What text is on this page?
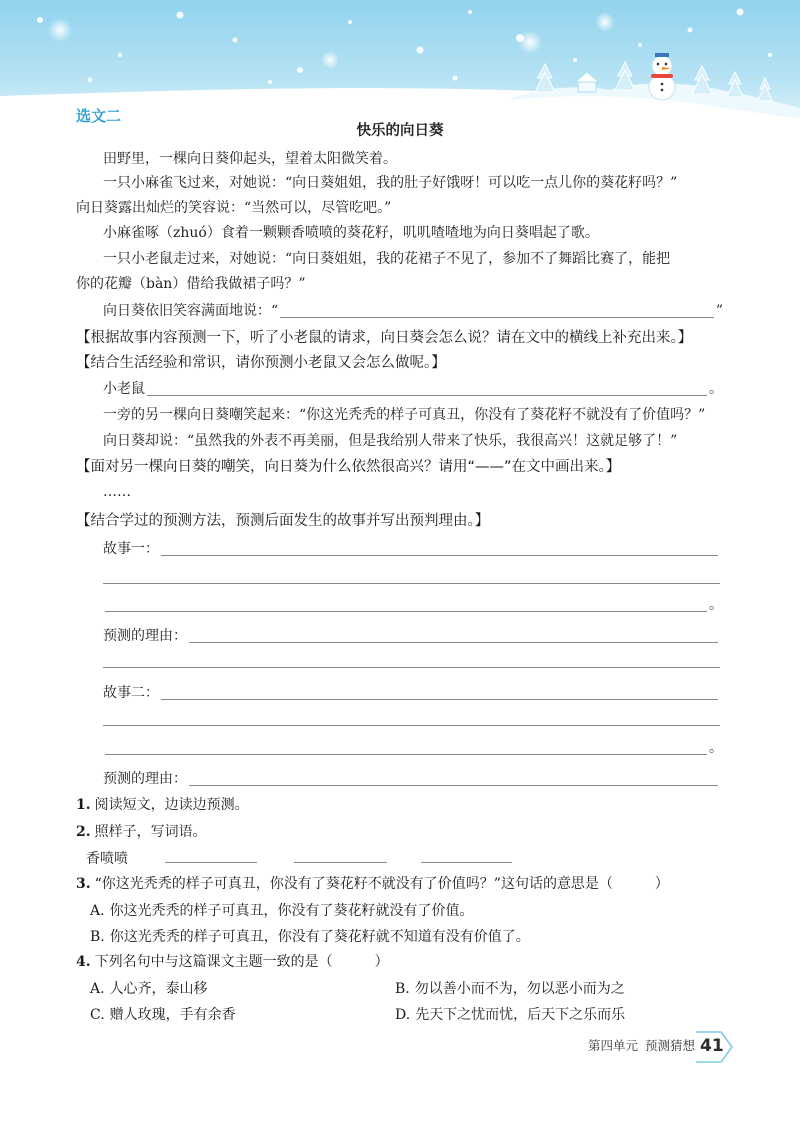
选文二
快乐的向日葵
田野里，一棵向日葵仰起头，望着太阳微笑着。
一只小麻雀飞过来，对她说：“向日葵姐姐，我的肚子好饿呀！可以吃一点儿你的葵花籽吗？”
向日葵露出灿烂的笑容说：“当然可以，尽管吃吧。”
小麻雀啄（zhuó）食着一颗颗香喷喷的葵花籽，叽叽喳喳地为向日葵唱起了歌。
一只小老鼠走过来，对她说：“向日葵姐姐，我的花裙子不见了，参加不了舞蹈比赛了，能把
你的花瓣（bàn）借给我做裙子吗？”
向日葵依旧笑容满面地说：“	”
【根据故事内容预测一下，听了小老鼠的请求，向日葵会怎么说？请在文中的横线上补充出来。】
【结合生活经验和常识，请你预测小老鼠又会怎么做呢。】
小老鼠	。
一旁的另一棵向日葵嘲笑起来：“你这光秃秃的样子可真丑，你没有了葵花籽不就没有了价值吗？”
向日葵却说：“虽然我的外表不再美丽，但是我给别人带来了快乐，我很高兴！这就足够了！”
【面对另一棵向日葵的嘲笑，向日葵为什么依然很高兴？请用“——”在文中画出来。】
……
【结合学过的预测方法，预测后面发生的故事并写出预判理由。】
故事一：
。
预测的理由：
故事二：
。
预测的理由：
1. 阅读短文，边读边预测。
2. 照样子，写词语。
香喷喷
3. “你这光秃秃的样子可真丑，你没有了葵花籽不就没有了价值吗？”这句话的意思是（　　　）
A. 你这光秃秃的样子可真丑，你没有了葵花籽就没有了价值。
B. 你这光秃秃的样子可真丑，你没有了葵花籽就不知道有没有价值了。
4. 下列名句中与这篇课文主题一致的是（　　　）
A. 人心齐，泰山移	B. 勿以善小而不为，勿以恶小而为之
C. 赠人玫瑰，手有余香	D. 先天下之忧而忧，后天下之乐而乐
第四单元 预测猜想 41
